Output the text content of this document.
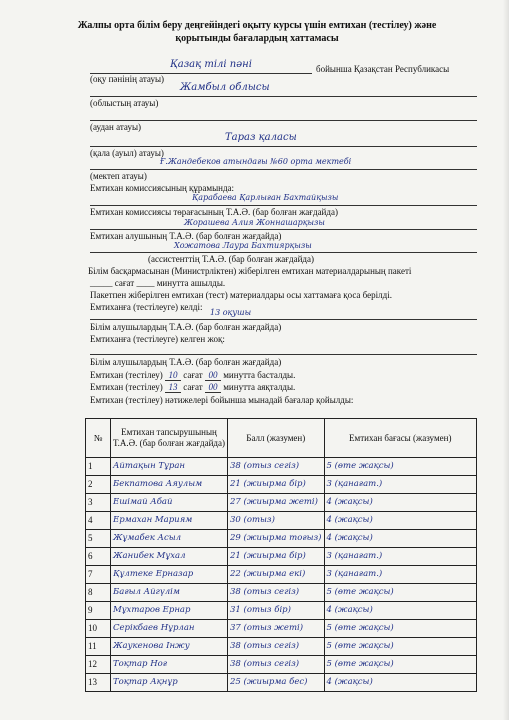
Жалпы орта білім беру деңгейіндегі оқыту курсы үшін емтихан (тестілеу) және қорытынды бағалардың хаттамасы
Қазақ тілі пәні	бойынша Қазақстан Республикасы
(оқу пәнінің атауы)
Жамбыл облысы
(облыстың атауы)
(аудан атауы)
Тараз қаласы
(қала (ауыл) атауы)
Ғ.Жандебеков атындағы №60 орта мектебі
(мектеп атауы)
Емтихан комиссиясының құрамында:
Қарабаева Қарлыған Бахтайқызы
Емтихан комиссиясы төрағасының Т.А.Ә. (бар болған жағдайда)
Жорашева Алия Жоннашарқызы
Емтихан алушының Т.А.Ә. (бар болған жағдайда)
Хожатова Лаура Бахтиярқызы
(ассистенттің Т.А.Ә. (бар болған жағдайда)
Білім басқармасынан (Министрліктен) жіберілген емтихан материалдарының пакеті
_____ сағат ____ минутта ашылды.
Пакетпен жіберілген емтихан (тест) материалдары осы хаттамаға қоса берілді.
Емтиханға (тестілеуге) келді:
13 оқушы
Білім алушылардың Т.А.Ә. (бар болған жағдайда)
Емтиханға (тестілеуге) келген жоқ:
Білім алушылардың Т.А.Ә. (бар болған жағдайда)
Емтихан (тестілеу) 10 сағат 00 минутта басталды.
Емтихан (тестілеу) 13 сағат 00 минутта аяқталды.
Емтихан (тестілеу) нәтижелері бойынша мынадай бағалар қойылды:
№	Емтихан тапсырушының Т.А.Ә. (бар болған жағдайда)	Балл (жазумен)	Емтихан бағасы (жазумен)
1	Айтақын Тұран	38 (отыз сегіз)	5 (өте жақсы)
2	Бекпатова Аяулым	21 (жиырма бір)	3 (қанағат.)
3	Ешімай Абай	27 (жиырма жеті)	4 (жақсы)
4	Ермахан Мариям	30 (отыз)	4 (жақсы)
5	Жұмабек Асыл	29 (жиырма тоғыз)	4 (жақсы)
6	Жанибек Мұхал	21 (жиырма бір)	3 (қанағат.)
7	Құлтеке Ерназар	22 (жиырма екі)	3 (қанағат.)
8	Бағыл Айгүлім	38 (отыз сегіз)	5 (өте жақсы)
9	Мұхтаров Ернар	31 (отыз бір)	4 (жақсы)
10	Серікбаев Нұрлан	37 (отыз жеті)	5 (өте жақсы)
11	Жаукенова Інжу	38 (отыз сегіз)	5 (өте жақсы)
12	Тоқтар Ноғ	38 (отыз сегіз)	5 (өте жақсы)
13	Тоқтар Ақнұр	25 (жиырма бес)	4 (жақсы)
